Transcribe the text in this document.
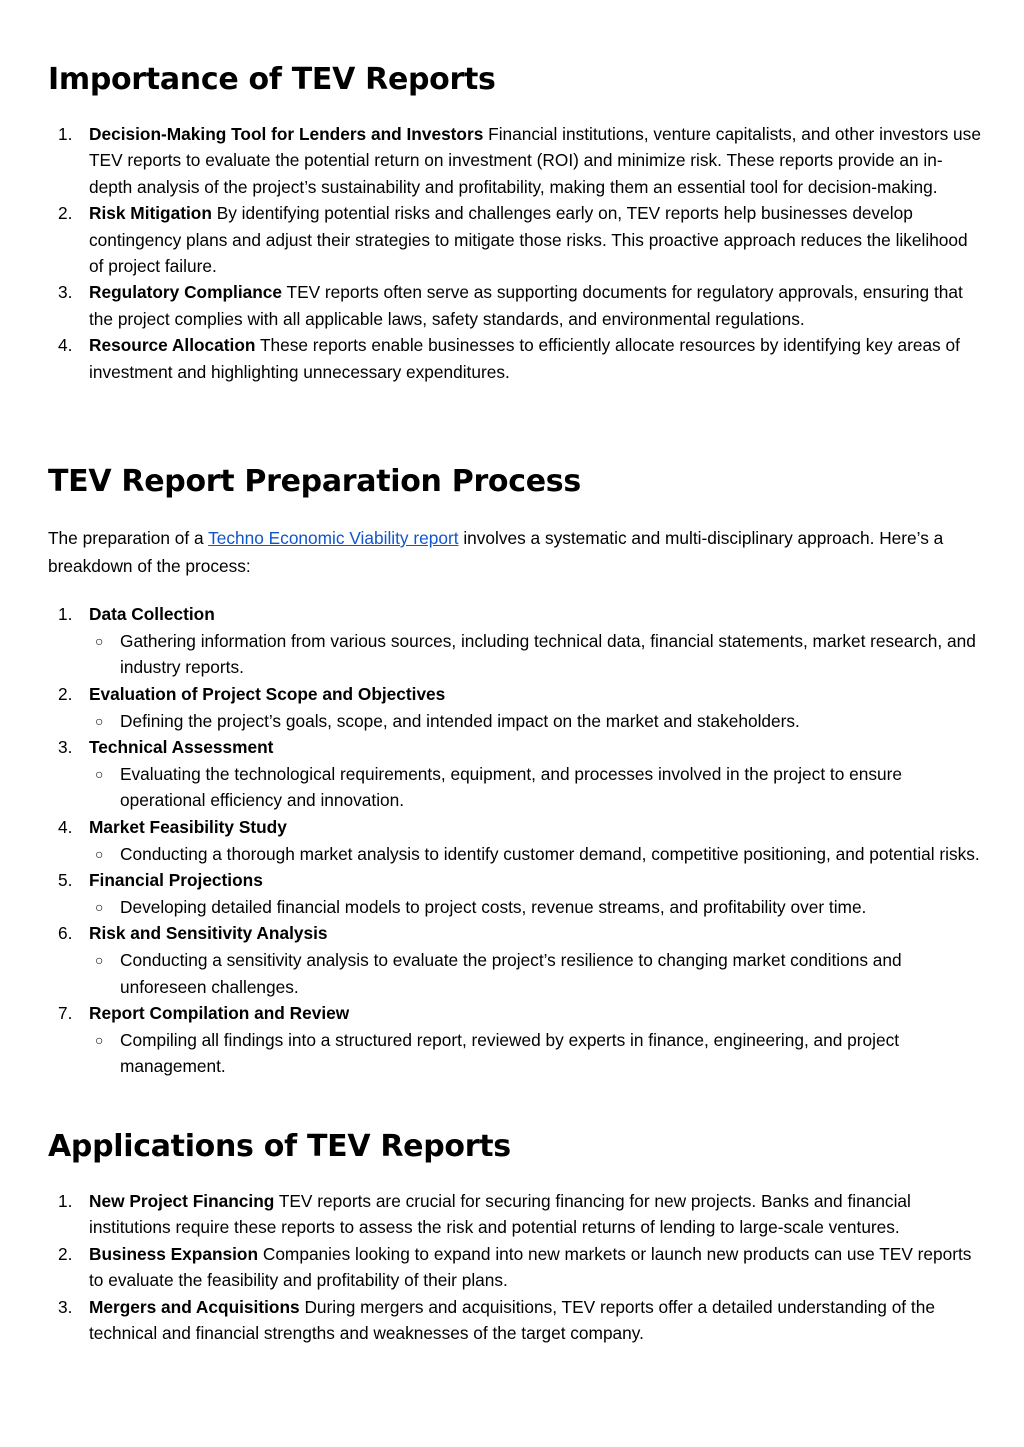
Importance of TEV Reports
1. Decision-Making Tool for Lenders and Investors Financial institutions, venture capitalists, and other investors use TEV reports to evaluate the potential return on investment (ROI) and minimize risk. These reports provide an in-depth analysis of the project’s sustainability and profitability, making them an essential tool for decision-making.
2. Risk Mitigation By identifying potential risks and challenges early on, TEV reports help businesses develop contingency plans and adjust their strategies to mitigate those risks. This proactive approach reduces the likelihood of project failure.
3. Regulatory Compliance TEV reports often serve as supporting documents for regulatory approvals, ensuring that the project complies with all applicable laws, safety standards, and environmental regulations.
4. Resource Allocation These reports enable businesses to efficiently allocate resources by identifying key areas of investment and highlighting unnecessary expenditures.
TEV Report Preparation Process

The preparation of a Techno Economic Viability report involves a systematic and multi-disciplinary approach. Here’s a breakdown of the process:

1. Data Collection
○ Gathering information from various sources, including technical data, financial statements, market research, and industry reports.
2. Evaluation of Project Scope and Objectives
○ Defining the project’s goals, scope, and intended impact on the market and stakeholders.
3. Technical Assessment
○ Evaluating the technological requirements, equipment, and processes involved in the project to ensure operational efficiency and innovation.
4. Market Feasibility Study
○ Conducting a thorough market analysis to identify customer demand, competitive positioning, and potential risks.
5. Financial Projections
○ Developing detailed financial models to project costs, revenue streams, and profitability over time.
6. Risk and Sensitivity Analysis
○ Conducting a sensitivity analysis to evaluate the project’s resilience to changing market conditions and unforeseen challenges.
7. Report Compilation and Review
○ Compiling all findings into a structured report, reviewed by experts in finance, engineering, and project management.
Applications of TEV Reports
1. New Project Financing TEV reports are crucial for securing financing for new projects. Banks and financial institutions require these reports to assess the risk and potential returns of lending to large-scale ventures.
2. Business Expansion Companies looking to expand into new markets or launch new products can use TEV reports to evaluate the feasibility and profitability of their plans.
3. Mergers and Acquisitions During mergers and acquisitions, TEV reports offer a detailed understanding of the technical and financial strengths and weaknesses of the target company.
